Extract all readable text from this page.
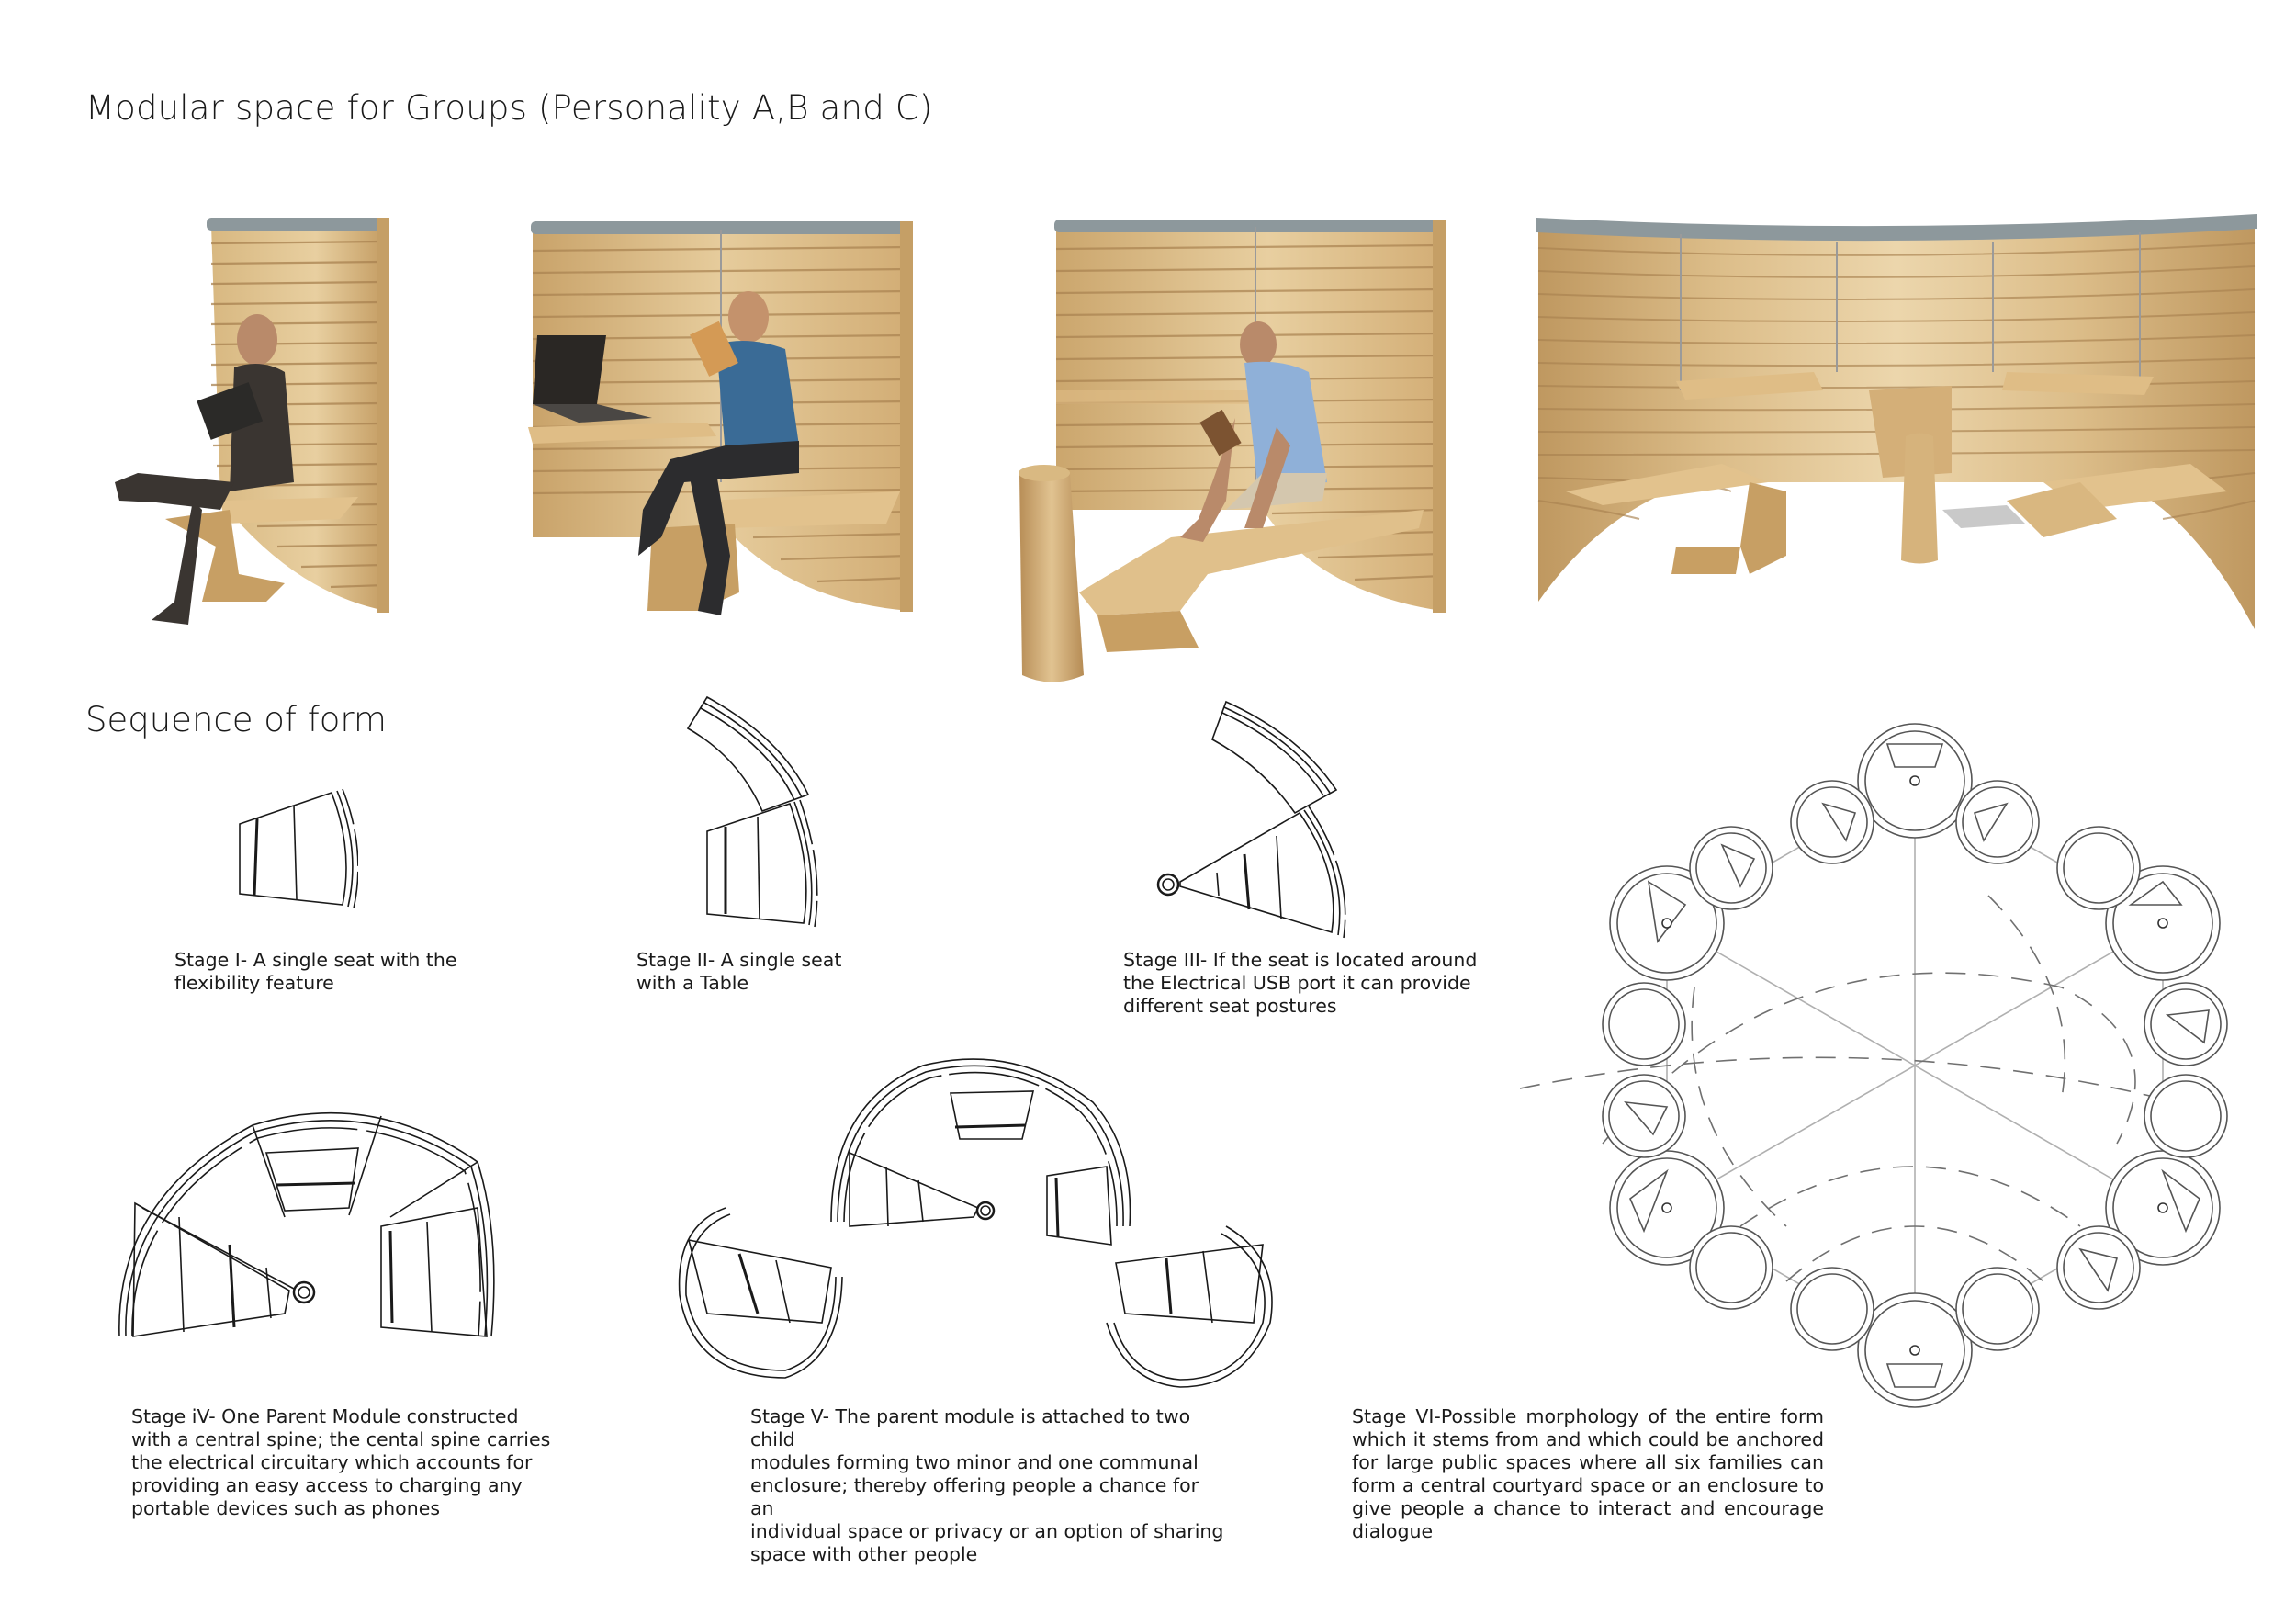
Modular space for Groups (Personality A,B and C)
Sequence of form

Stage I- A single seat with the
flexibility feature

Stage II- A single seat
with a Table

Stage III- If the seat is located around
the Electrical USB port it can provide
different seat postures

Stage iV- One Parent Module constructed
with a central spine; the cental spine carries
the electrical circuitary which accounts for
providing an easy access to charging any
portable devices such as phones

Stage V- The parent module is attached to two child
modules forming two minor and one communal
enclosure; thereby offering people a chance for an
individual space or privacy or an option of sharing
space with other people

Stage VI-Possible morphology of the entire form which it stems from and which could be anchored for large public spaces where all six families can form a central courtyard space or an enclosure to give people a chance to interact and encourage dialogue
